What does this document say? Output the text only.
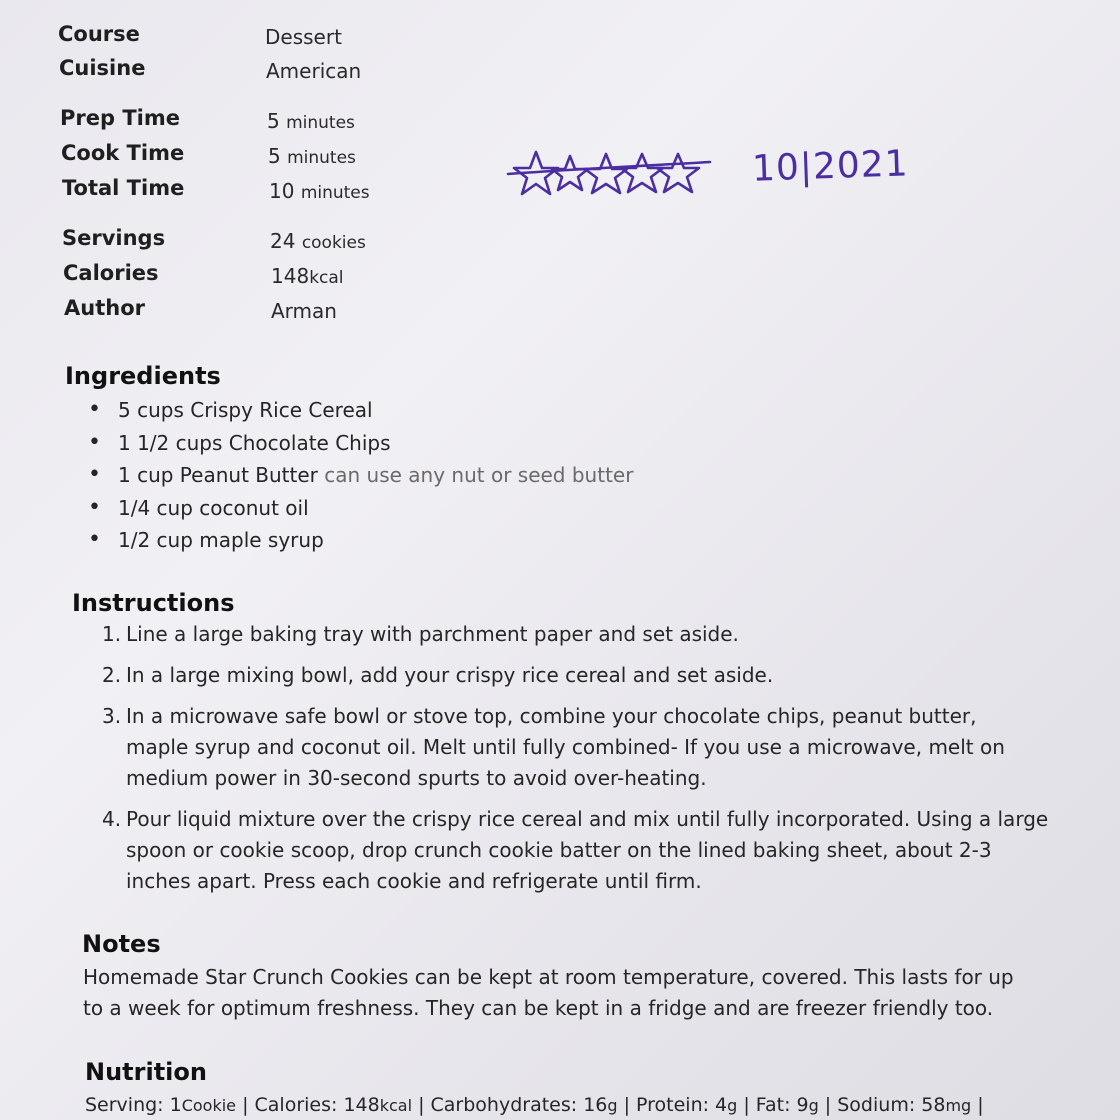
Course	Dessert
Cuisine	American
Prep Time	5 minutes
Cook Time	5 minutes
Total Time	10 minutes
Servings	24 cookies
Calories	148kcal
Author	Arman
10|2021
Ingredients
• 5 cups Crispy Rice Cereal
• 1 1/2 cups Chocolate Chips
• 1 cup Peanut Butter can use any nut or seed butter
• 1/4 cup coconut oil
• 1/2 cup maple syrup
Instructions
1. Line a large baking tray with parchment paper and set aside.
2. In a large mixing bowl, add your crispy rice cereal and set aside.
3. In a microwave safe bowl or stove top, combine your chocolate chips, peanut butter, maple syrup and coconut oil. Melt until fully combined- If you use a microwave, melt on medium power in 30-second spurts to avoid over-heating.
4. Pour liquid mixture over the crispy rice cereal and mix until fully incorporated. Using a large spoon or cookie scoop, drop crunch cookie batter on the lined baking sheet, about 2-3 inches apart. Press each cookie and refrigerate until firm.
Notes
Homemade Star Crunch Cookies can be kept at room temperature, covered. This lasts for up to a week for optimum freshness. They can be kept in a fridge and are freezer friendly too.
Nutrition
Serving: 1Cookie | Calories: 148kcal | Carbohydrates: 16g | Protein: 4g | Fat: 9g | Sodium: 58mg |
